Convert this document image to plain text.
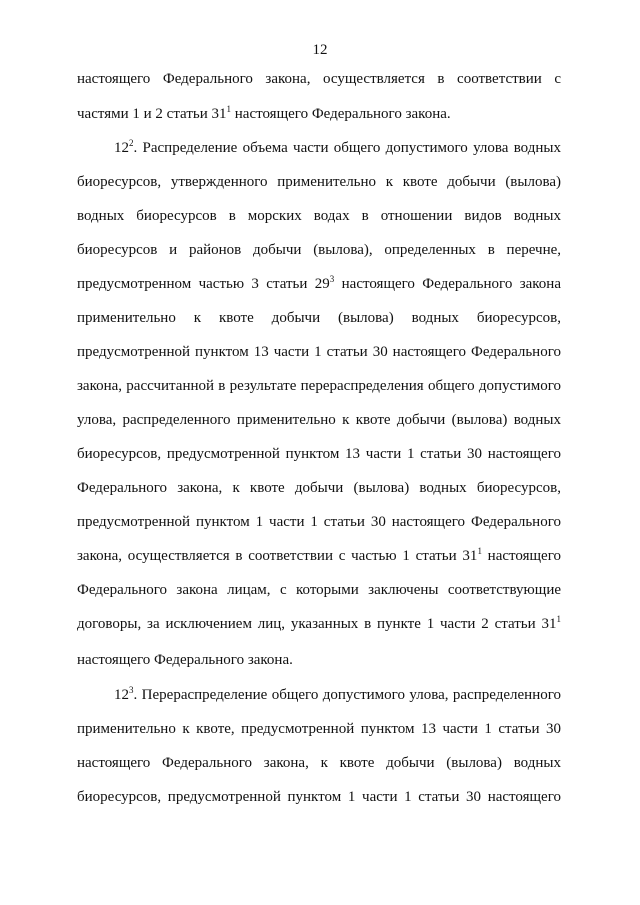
12
настоящего Федерального закона, осуществляется в соответствии с
частями 1 и 2 статьи $31^1$ настоящего Федерального закона.
$12^2$. Распределение объема части общего допустимого улова водных
биоресурсов, утвержденного применительно к квоте добычи (вылова)
водных биоресурсов в морских водах в отношении видов водных
биоресурсов и районов добычи (вылова), определенных в перечне,
предусмотренном частью 3 статьи $29^3$ настоящего Федерального закона
применительно к квоте добычи (вылова) водных биоресурсов,
предусмотренной пунктом 13 части 1 статьи 30 настоящего Федерального
закона, рассчитанной в результате перераспределения общего допустимого
улова, распределенного применительно к квоте добычи (вылова) водных
биоресурсов, предусмотренной пунктом 13 части 1 статьи 30 настоящего
Федерального закона, к квоте добычи (вылова) водных биоресурсов,
предусмотренной пунктом 1 части 1 статьи 30 настоящего Федерального
закона, осуществляется в соответствии с частью 1 статьи $31^1$ настоящего
Федерального закона лицам, с которыми заключены соответствующие
договоры, за исключением лиц, указанных в пункте 1 части 2 статьи $31^1$
настоящего Федерального закона.
$12^3$. Перераспределение общего допустимого улова, распределенного
применительно к квоте, предусмотренной пунктом 13 части 1 статьи 30
настоящего Федерального закона, к квоте добычи (вылова) водных
биоресурсов, предусмотренной пунктом 1 части 1 статьи 30 настоящего
